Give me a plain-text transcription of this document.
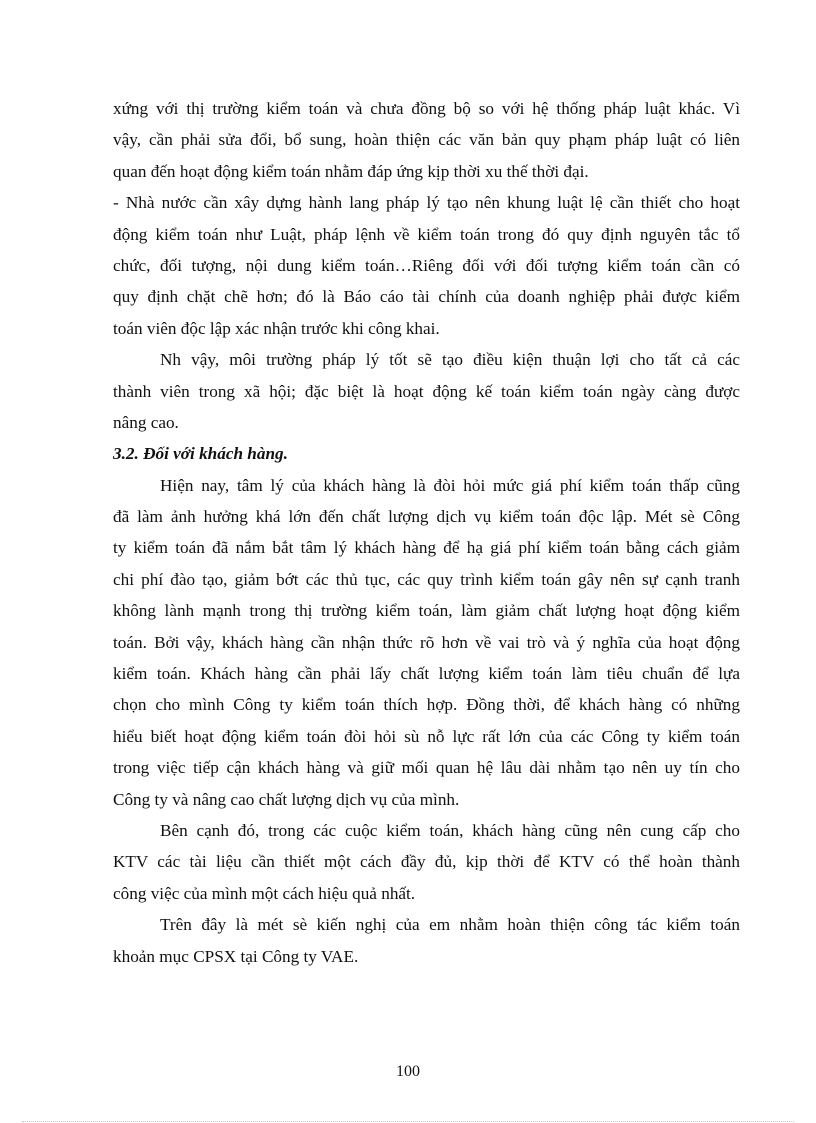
xứng với thị trường kiểm toán và chưa đồng bộ so với hệ thống pháp luật khác. Vì
vậy, cần phải sửa đổi, bổ sung, hoàn thiện các văn bản quy phạm pháp luật có liên
quan đến hoạt động kiểm toán nhằm đáp ứng kịp thời xu thế thời đại.
- Nhà nước cần xây dựng hành lang pháp lý tạo nên khung luật lệ cần thiết cho hoạt
động kiểm toán như Luật, pháp lệnh về kiểm toán trong đó quy định nguyên tắc tổ
chức, đối tượng, nội dung kiểm toán…Riêng đối với đối tượng kiểm toán cần có
quy định chặt chẽ hơn; đó là Báo cáo tài chính của doanh nghiệp phải được kiểm
toán viên độc lập xác nhận trước khi công khai.
Nh vậy, môi trường pháp lý tốt sẽ tạo điều kiện thuận lợi cho tất cả các
thành viên trong xã hội; đặc biệt là hoạt động kế toán kiểm toán ngày càng được
nâng cao.
3.2. Đối với khách hàng.
Hiện nay, tâm lý của khách hàng là đòi hỏi mức giá phí kiểm toán thấp cũng
đã làm ảnh hưởng khá lớn đến chất lượng dịch vụ kiểm toán độc lập. Mét sè Công
ty kiểm toán đã nắm bắt tâm lý khách hàng để hạ giá phí kiểm toán bằng cách giảm
chi phí đào tạo, giảm bớt các thủ tục, các quy trình kiểm toán gây nên sự cạnh tranh
không lành mạnh trong thị trường kiểm toán, làm giảm chất lượng hoạt động kiểm
toán. Bởi vậy, khách hàng cần nhận thức rõ hơn về vai trò và ý nghĩa của hoạt động
kiểm toán. Khách hàng cần phải lấy chất lượng kiểm toán làm tiêu chuẩn để lựa
chọn cho mình Công ty kiểm toán thích hợp. Đồng thời, để khách hàng có những
hiểu biết hoạt động kiểm toán đòi hỏi sù nỗ lực rất lớn của các Công ty kiểm toán
trong việc tiếp cận khách hàng và giữ mối quan hệ lâu dài nhằm tạo nên uy tín cho
Công ty và nâng cao chất lượng dịch vụ của mình.
Bên cạnh đó, trong các cuộc kiểm toán, khách hàng cũng nên cung cấp cho
KTV các tài liệu cần thiết một cách đầy đủ, kịp thời để KTV có thể hoàn thành
công việc của mình một cách hiệu quả nhất.
Trên đây là mét sè kiến nghị của em nhằm hoàn thiện công tác kiểm toán
khoản mục CPSX tại Công ty VAE.
100
